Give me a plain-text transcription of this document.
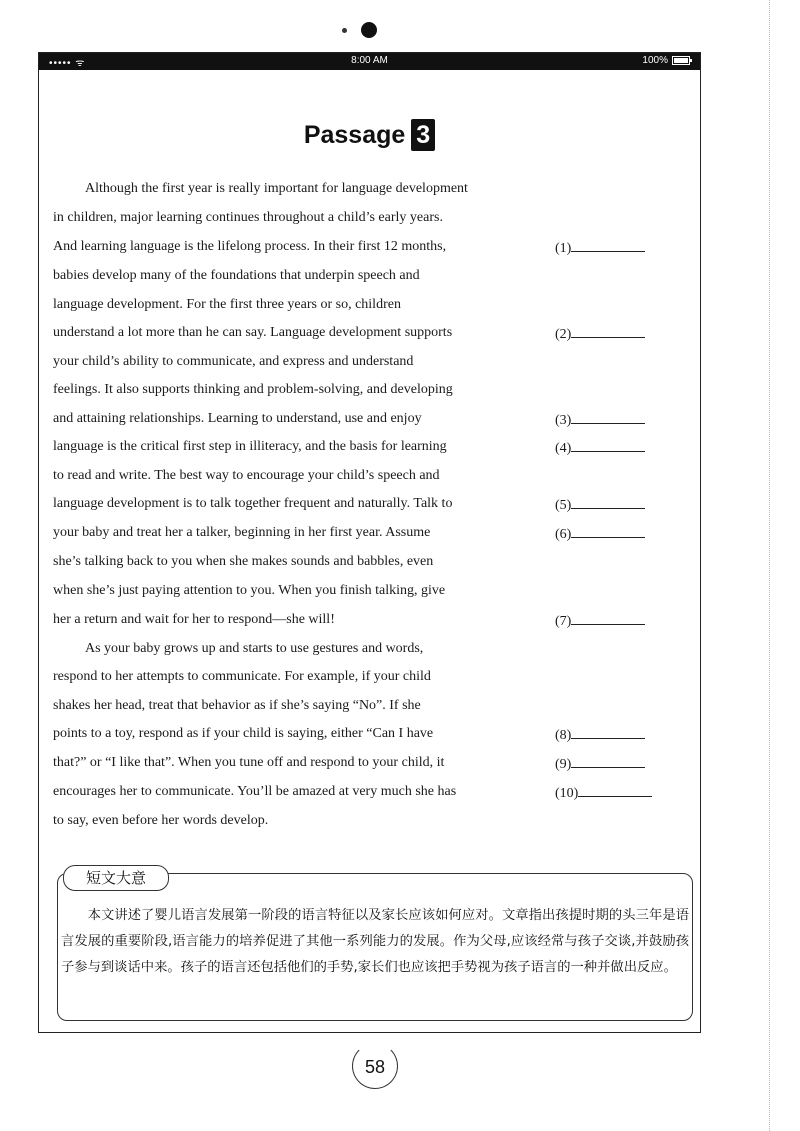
••••• ᯤ	8:00 AM	100%
Passage 3
Although the first year is really important for language development
in children, major learning continues throughout a child’s early years.
And learning language is the lifelong process. In their first 12 months,
babies develop many of the foundations that underpin speech and
language development. For the first three years or so, children
understand a lot more than he can say. Language development supports
your child’s ability to communicate, and express and understand
feelings. It also supports thinking and problem-solving, and developing
and attaining relationships. Learning to understand, use and enjoy
language is the critical first step in illiteracy, and the basis for learning
to read and write. The best way to encourage your child’s speech and
language development is to talk together frequent and naturally. Talk to
your baby and treat her a talker, beginning in her first year. Assume
she’s talking back to you when she makes sounds and babbles, even
when she’s just paying attention to you. When you finish talking, give
her a return and wait for her to respond—she will!
As your baby grows up and starts to use gestures and words,
respond to her attempts to communicate. For example, if your child
shakes her head, treat that behavior as if she’s saying “No”. If she
points to a toy, respond as if your child is saying, either “Can I have
that?” or “I like that”. When you tune off and respond to your child, it
encourages her to communicate. You’ll be amazed at very much she has
to say, even before her words develop.
(1)
(2)
(3)
(4)
(5)
(6)
(7)
(8)
(9)
(10)
短文大意
本文讲述了婴儿语言发展第一阶段的语言特征以及家长应该如何应对。文章指出孩提时期的头三年是语言发展的重要阶段,语言能力的培养促进了其他一系列能力的发展。作为父母,应该经常与孩子交谈,并鼓励孩子参与到谈话中来。孩子的语言还包括他们的手势,家长们也应该把手势视为孩子语言的一种并做出反应。
58
